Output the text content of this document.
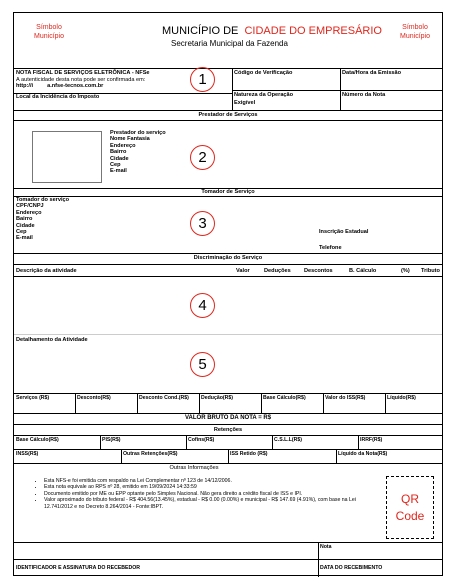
Símbolo
Município	MUNICÍPIO DE CIDADE DO EMPRESÁRIO
Secretaria Municipal da Fazenda
Símbolo
Município
NOTA FISCAL DE SERVIÇOS ELETRÔNICA - NFSe
A autenticidade desta nota pode ser confirmada em:
http://i	a.nfse-tecnos.com.br	1
Local da Incidência do Imposto
Código de Verificação	Data/Hora da Emissão
Natureza da Operação
Exigível
Número da Nota
Prestador de Serviços
Prestador do serviço
Nome Fantasia
Endereço
Bairro
Cidade
Cep
E-mail
2
Tomador de Serviço
Tomador do serviço
CPF/CNPJ
Endereço
Bairro
Cidade
Cep
E-mail
Inscrição Estadual
Telefone
3
Discriminação do Serviço
Descrição da atividade	Valor	Deduções Descontos	B. Cálculo	(%) Tributo
4
Detalhamento da Atividade
5
Serviços (R$)	Desconto(R$)	Desconto Cond.(R$) Dedução(R$)	Base Cálculo(R$)	Valor do ISS(R$)	Líquido(R$)
VALOR BRUTO DA NOTA = R$
Retenções
Base Cálculo(R$)	PIS(R$)	Cofins(R$)	C.S.L.L(R$)	IRRF(R$)
INSS(R$)	Outras Retenções(R$)	ISS Retido (R$)	Líquido da Nota(R$)
Outras Informações
• Esta NFS-e foi emitida com respaldo na Lei Complementar nº 123 de 14/12/2006.
• Esta nota equivale ao RPS nº 28, emitido em 19/09/2024 14:33:59
• Documento emitido por ME ou EPP optante pelo Simples Nacional. Não gera direito a crédito fiscal de ISS e IPI.
• Valor aproximado do tributo federal - R$ 404.56(13.45%), estadual - R$ 0.00 (0.00%) e municipal - R$ 147.69 (4.91%), com base na Lei 12.741/2012 e no Decreto 8.264/2014 - Fonte:IBPT.
QR
Code
Nota
IDENTIFICADOR E ASSINATURA DO RECEBEDOR	DATA DO RECEBIMENTO
